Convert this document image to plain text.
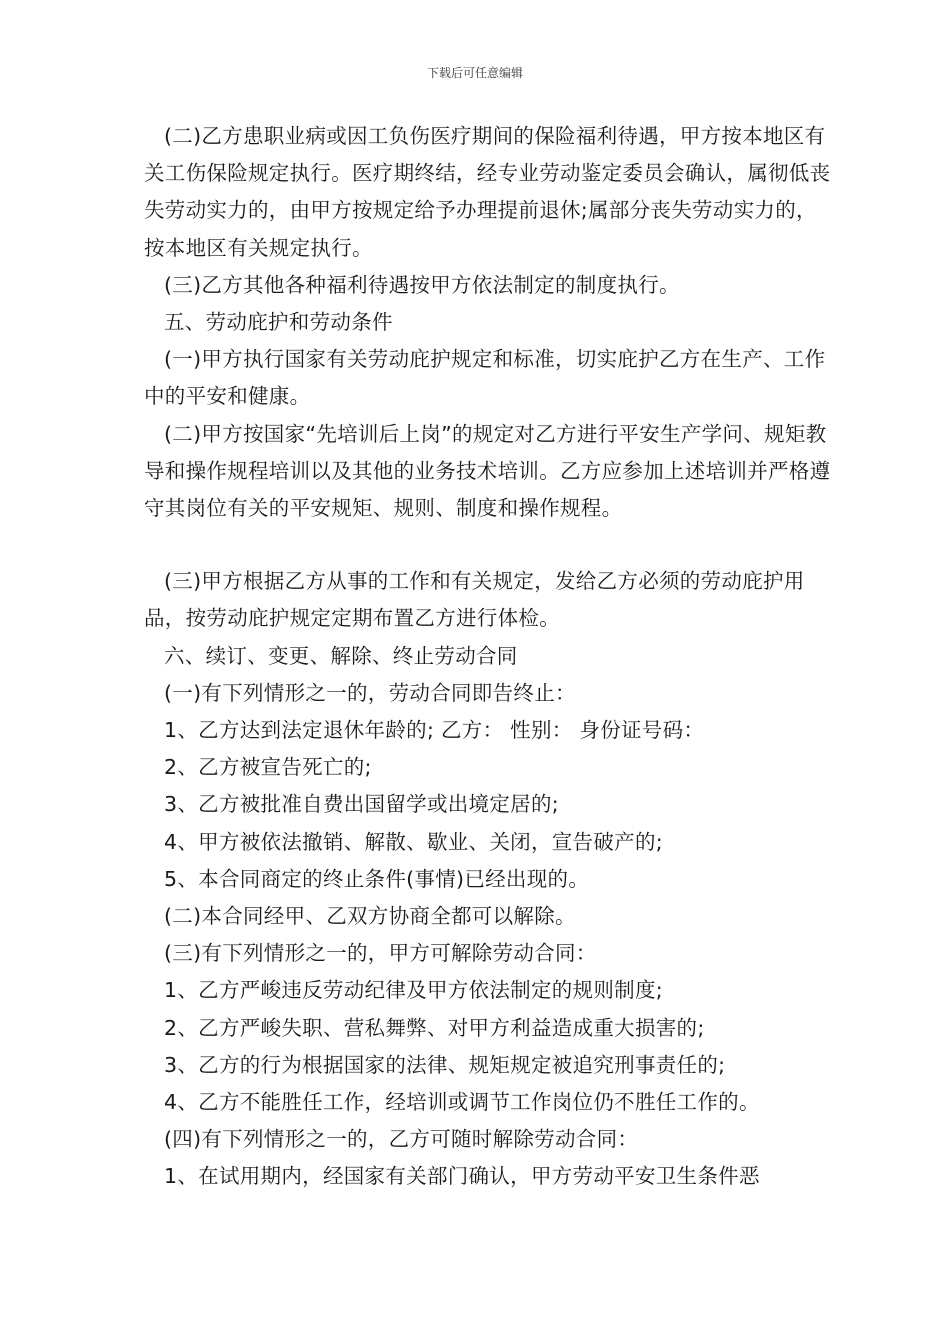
下载后可任意编辑

(二)乙方患职业病或因工负伤医疗期间的保险福利待遇，甲方按本地区有关工伤保险规定执行。医疗期终结，经专业劳动鉴定委员会确认，属彻低丧失劳动实力的，由甲方按规定给予办理提前退休;属部分丧失劳动实力的，按本地区有关规定执行。

(三)乙方其他各种福利待遇按甲方依法制定的制度执行。

五、劳动庇护和劳动条件

(一)甲方执行国家有关劳动庇护规定和标准，切实庇护乙方在生产、工作中的平安和健康。

(二)甲方按国家“先培训后上岗”的规定对乙方进行平安生产学问、规矩教导和操作规程培训以及其他的业务技术培训。乙方应参加上述培训并严格遵守其岗位有关的平安规矩、规则、制度和操作规程。

(三)甲方根据乙方从事的工作和有关规定，发给乙方必须的劳动庇护用品，按劳动庇护规定定期布置乙方进行体检。

六、续订、变更、解除、终止劳动合同

(一)有下列情形之一的，劳动合同即告终止：

1、乙方达到法定退休年龄的; 乙方： 性别： 身份证号码：

2、乙方被宣告死亡的;

3、乙方被批准自费出国留学或出境定居的;

4、甲方被依法撤销、解散、歇业、关闭，宣告破产的;

5、本合同商定的终止条件(事情)已经出现的。

(二)本合同经甲、乙双方协商全都可以解除。

(三)有下列情形之一的，甲方可解除劳动合同：

1、乙方严峻违反劳动纪律及甲方依法制定的规则制度;

2、乙方严峻失职、营私舞弊、对甲方利益造成重大损害的;

3、乙方的行为根据国家的法律、规矩规定被追究刑事责任的;

4、乙方不能胜任工作，经培训或调节工作岗位仍不胜任工作的。

(四)有下列情形之一的，乙方可随时解除劳动合同：

1、在试用期内，经国家有关部门确认，甲方劳动平安卫生条件恶
